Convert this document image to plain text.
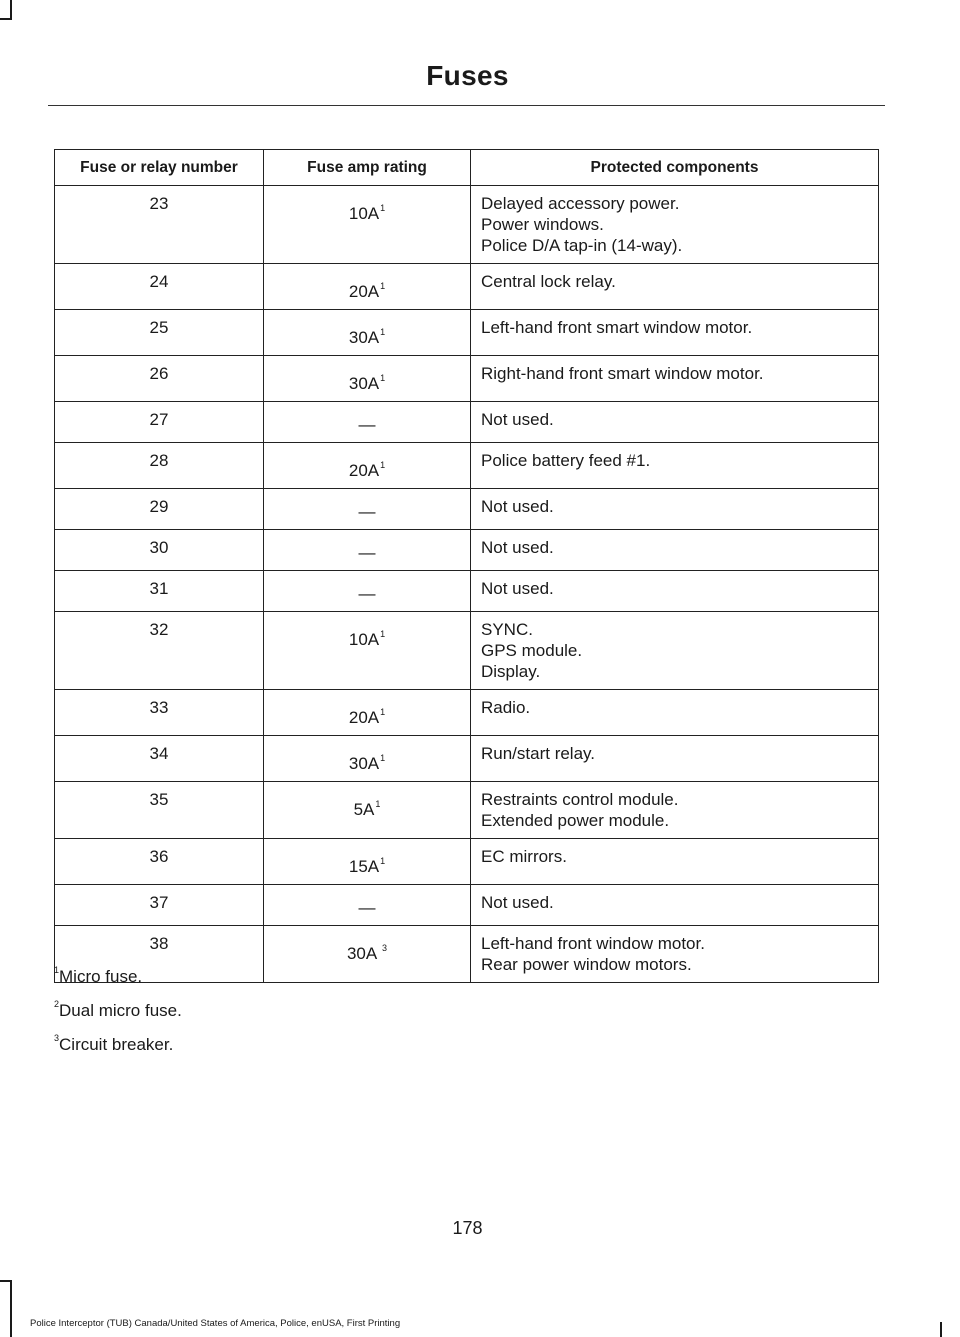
Fuses
Fuse or relay number	Fuse amp rating	Protected components
23	$10A^1$	Delayed accessory power.
Power windows.
Police D/A tap-in (14-way).

24	$20A^1$	Central lock relay.

25	$30A^1$	Left-hand front smart window motor.

26	$30A^1$	Right-hand front smart window motor.

27	—	Not used.

28	$20A^1$	Police battery feed #1.

29	—	Not used.

30	—	Not used.

31	—	Not used.

32	$10A^1$	SYNC.
GPS module.
Display.

33	$20A^1$	Radio.

34	$30A^1$	Run/start relay.

35	$5A^1$	Restraints control module.
Extended power module.

36	$15A^1$	EC mirrors.

37	—	Not used.

38	30A $^3$	Left-hand front window motor.
Rear power window motors.
$^1$Micro fuse.
$^2$Dual micro fuse.
$^3$Circuit breaker.
178
Police Interceptor (TUB) Canada/United States of America, Police, enUSA, First Printing
